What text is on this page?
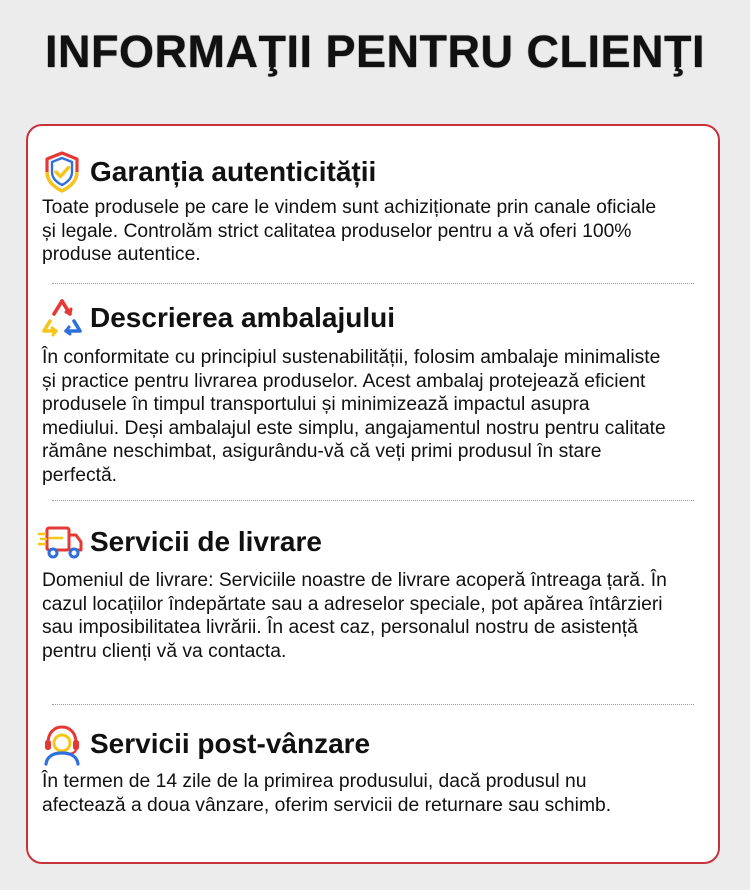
INFORMAŢII PENTRU CLIENŢI
Garanția autenticității
Toate produsele pe care le vindem sunt achiziționate prin canale oficiale și legale. Controlăm strict calitatea produselor pentru a vă oferi 100% produse autentice.
Descrierea ambalajului
În conformitate cu principiul sustenabilității, folosim ambalaje minimaliste și practice pentru livrarea produselor. Acest ambalaj protejează eficient produsele în timpul transportului și minimizează impactul asupra mediului. Deși ambalajul este simplu, angajamentul nostru pentru calitate rămâne neschimbat, asigurându-vă că veți primi produsul în stare perfectă.
Servicii de livrare
Domeniul de livrare: Serviciile noastre de livrare acoperă întreaga țară. În cazul locațiilor îndepărtate sau a adreselor speciale, pot apărea întârzieri sau imposibilitatea livrării. În acest caz, personalul nostru de asistență pentru clienți vă va contacta.
Servicii post-vânzare
În termen de 14 zile de la primirea produsului, dacă produsul nu afectează a doua vânzare, oferim servicii de returnare sau schimb.
